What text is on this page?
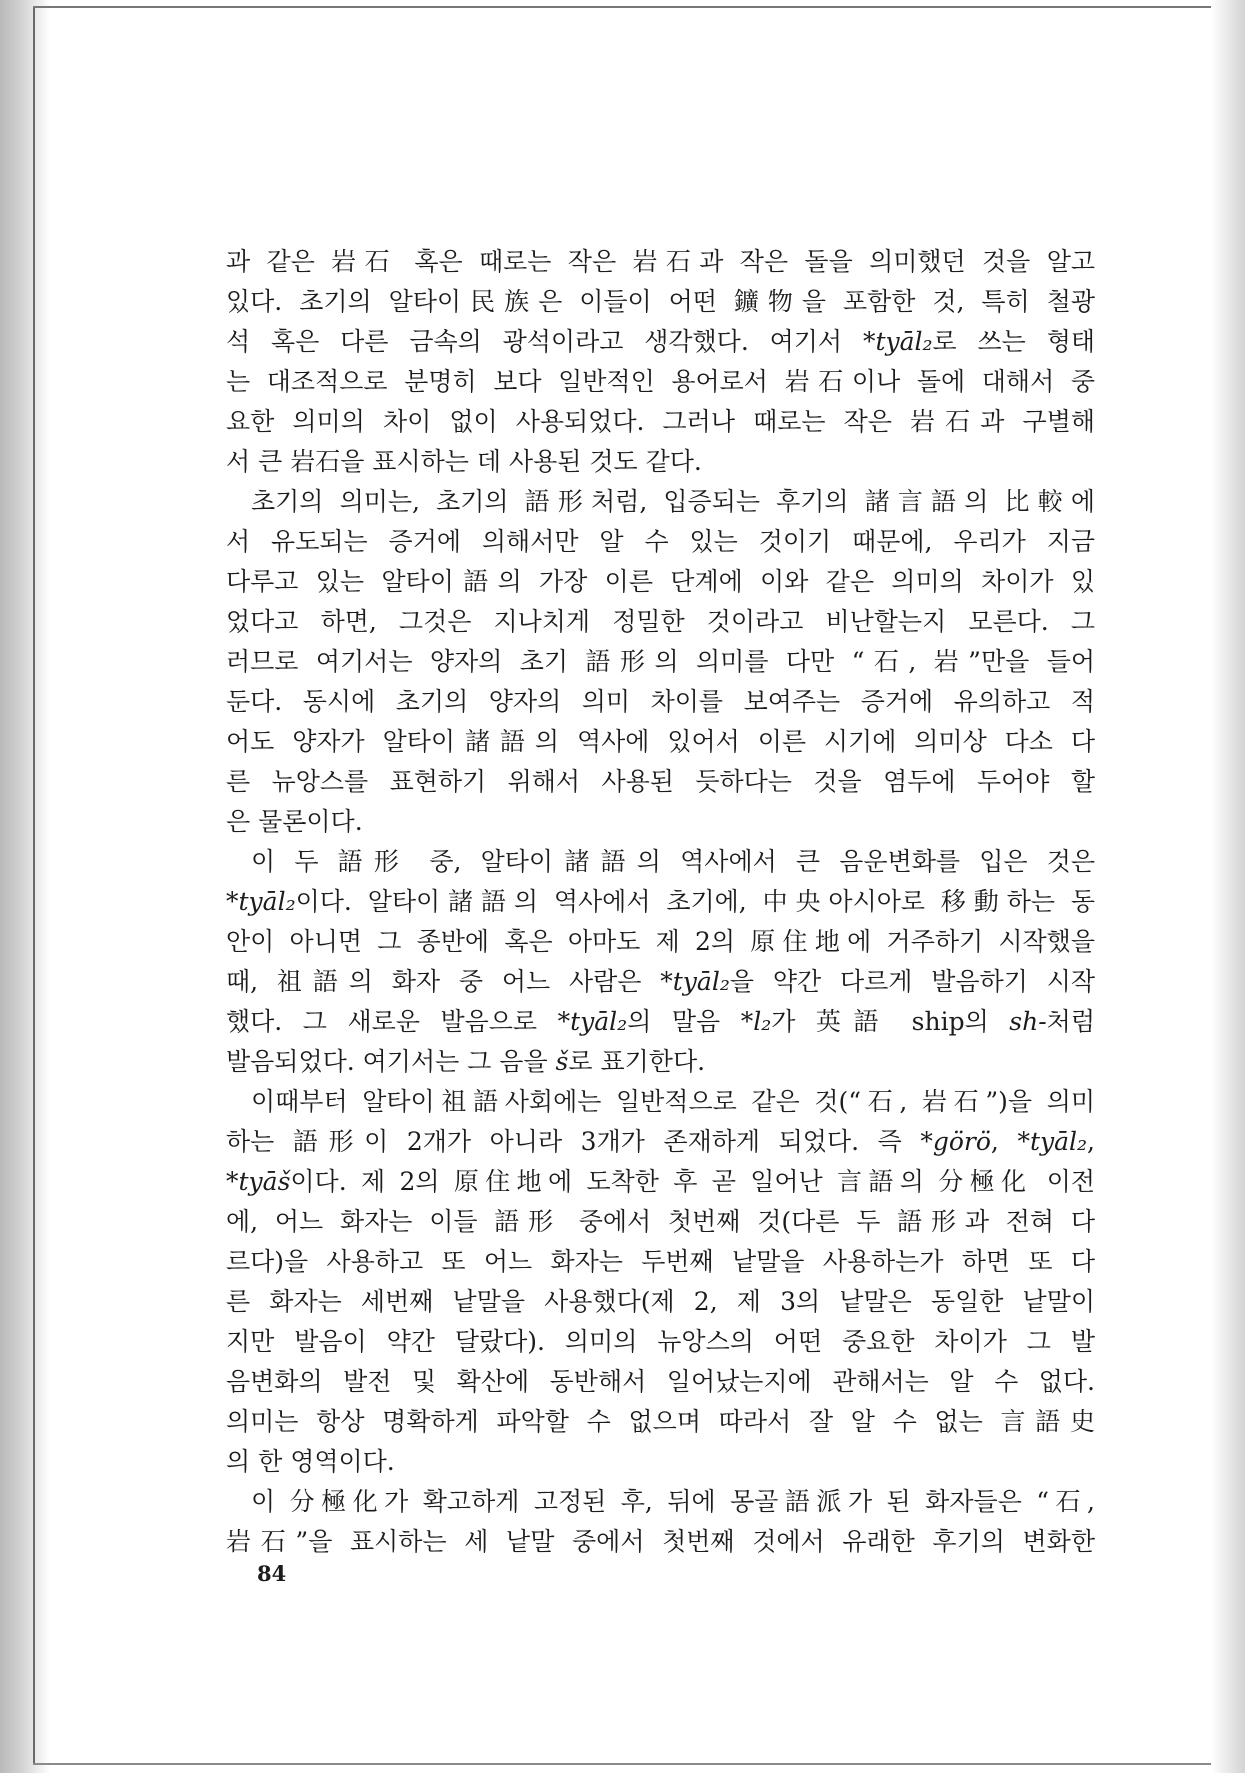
과 같은 岩石 혹은 때로는 작은 岩石과 작은 돌을 의미했던 것을 알고
있다. 초기의 알타이民族은 이들이 어떤 鑛物을 포함한 것, 특히 철광
석 혹은 다른 금속의 광석이라고 생각했다. 여기서 *tyāl₂로 쓰는 형태
는 대조적으로 분명히 보다 일반적인 용어로서 岩石이나 돌에 대해서 중
요한 의미의 차이 없이 사용되었다. 그러나 때로는 작은 岩石과 구별해
서 큰 岩石을 표시하는 데 사용된 것도 같다.
초기의 의미는, 초기의 語形처럼, 입증되는 후기의 諸言語의 比較에
서 유도되는 증거에 의해서만 알 수 있는 것이기 때문에, 우리가 지금
다루고 있는 알타이語의 가장 이른 단계에 이와 같은 의미의 차이가 있
었다고 하면, 그것은 지나치게 정밀한 것이라고 비난할는지 모른다. 그
러므로 여기서는 양자의 초기 語形의 의미를 다만 “石, 岩”만을 들어
둔다. 동시에 초기의 양자의 의미 차이를 보여주는 증거에 유의하고 적
어도 양자가 알타이諸語의 역사에 있어서 이른 시기에 의미상 다소 다
른 뉴앙스를 표현하기 위해서 사용된 듯하다는 것을 염두에 두어야 할
은 물론이다.
이 두 語形 중, 알타이諸語의 역사에서 큰 음운변화를 입은 것은
*tyāl₂이다. 알타이諸語의 역사에서 초기에, 中央아시아로 移動하는 동
안이 아니면 그 종반에 혹은 아마도 제 2의 原住地에 거주하기 시작했을
때, 祖語의 화자 중 어느 사람은 *tyāl₂을 약간 다르게 발음하기 시작
했다. 그 새로운 발음으로 *tyāl₂의 말음 *l₂가 英語 ship의 sh-처럼
발음되었다. 여기서는 그 음을 š로 표기한다.
이때부터 알타이祖語사회에는 일반적으로 같은 것(“石, 岩石”)을 의미
하는 語形이 2개가 아니라 3개가 존재하게 되었다. 즉 *görö, *tyāl₂,
*tyāš이다. 제 2의 原住地에 도착한 후 곧 일어난 言語의 分極化 이전
에, 어느 화자는 이들 語形 중에서 첫번째 것(다른 두 語形과 전혀 다
르다)을 사용하고 또 어느 화자는 두번째 낱말을 사용하는가 하면 또 다
른 화자는 세번째 낱말을 사용했다(제 2, 제 3의 낱말은 동일한 낱말이
지만 발음이 약간 달랐다). 의미의 뉴앙스의 어떤 중요한 차이가 그 발
음변화의 발전 및 확산에 동반해서 일어났는지에 관해서는 알 수 없다.
의미는 항상 명확하게 파악할 수 없으며 따라서 잘 알 수 없는 言語史
의 한 영역이다.
이 分極化가 확고하게 고정된 후, 뒤에 몽골語派가 된 화자들은 “石,
岩石”을 표시하는 세 낱말 중에서 첫번째 것에서 유래한 후기의 변화한
84
